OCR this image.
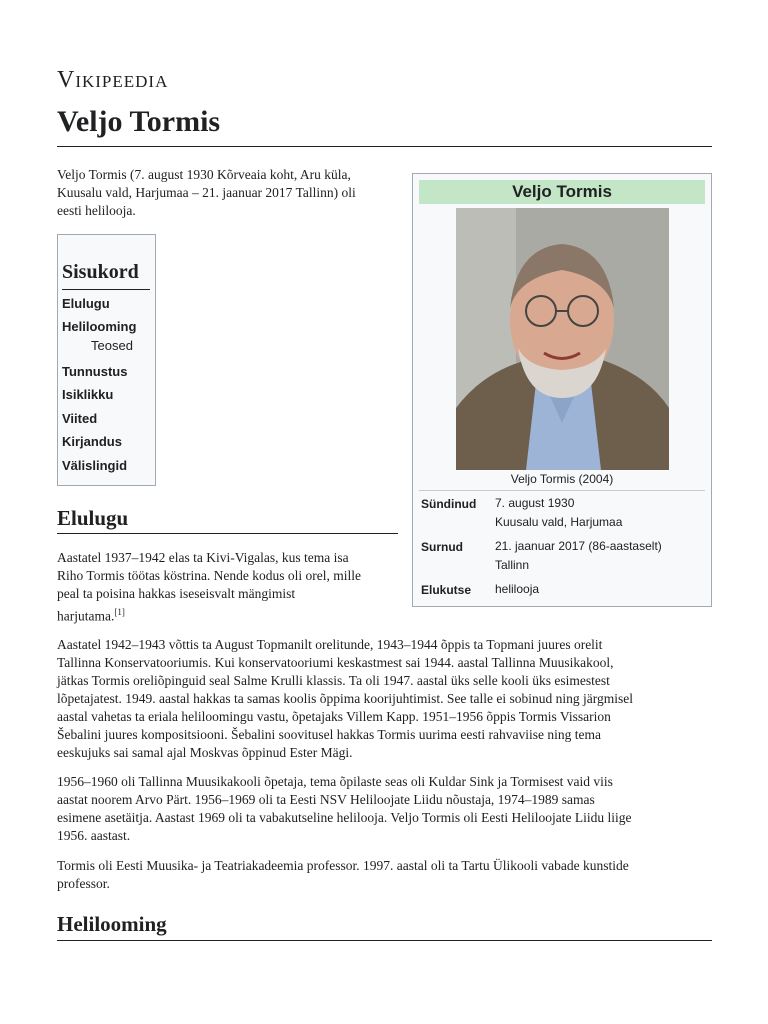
Vikipeedia
Veljo Tormis
Veljo Tormis (7. august 1930 Kõrveaia koht, Aru küla,
Kuusalu vald, Harjumaa – 21. jaanuar 2017 Tallinn) oli
eesti helilooja.
Sisukord
Elulugu
Helilooming
Teosed
Tunnustus
Isiklikku
Viited
Kirjandus
Välislingid
Veljo Tormis
Veljo Tormis (2004)
Sündinud 7. august 1930
Kuusalu vald, Harjumaa
Surnud	21. jaanuar 2017 (86-aastaselt)
Tallinn
Elukutse helilooja
Elulugu
Aastatel 1937–1942 elas ta Kivi-Vigalas, kus tema isa
Riho Tormis töötas köstrina. Nende kodus oli orel, mille
peal ta poisina hakkas iseseisvalt mängimist
harjutama.[1]
Aastatel 1942–1943 võttis ta August Topmanilt orelitunde, 1943–1944 õppis ta Topmani juures orelit
Tallinna Konservatooriumis. Kui konservatooriumi keskastmest sai 1944. aastal Tallinna Muusikakool,
jätkas Tormis oreliõpinguid seal Salme Krulli klassis. Ta oli 1947. aastal üks selle kooli üks esimestest
lõpetajatest. 1949. aastal hakkas ta samas koolis õppima koorijuhtimist. See talle ei sobinud ning järgmisel
aastal vahetas ta eriala heliloomingu vastu, õpetajaks Villem Kapp. 1951–1956 õppis Tormis Vissarion
Šebalini juures kompositsiooni. Šebalini soovitusel hakkas Tormis uurima eesti rahvaviise ning tema
eeskujuks sai samal ajal Moskvas õppinud Ester Mägi.
1956–1960 oli Tallinna Muusikakooli õpetaja, tema õpilaste seas oli Kuldar Sink ja Tormisest vaid viis
aastat noorem Arvo Pärt. 1956–1969 oli ta Eesti NSV Heliloojate Liidu nõustaja, 1974–1989 samas
esimene asetäitja. Aastast 1969 oli ta vabakutseline helilooja. Veljo Tormis oli Eesti Heliloojate Liidu liige
1956. aastast.
Tormis oli Eesti Muusika- ja Teatriakadeemia professor. 1997. aastal oli ta Tartu Ülikooli vabade kunstide
professor.
Helilooming
